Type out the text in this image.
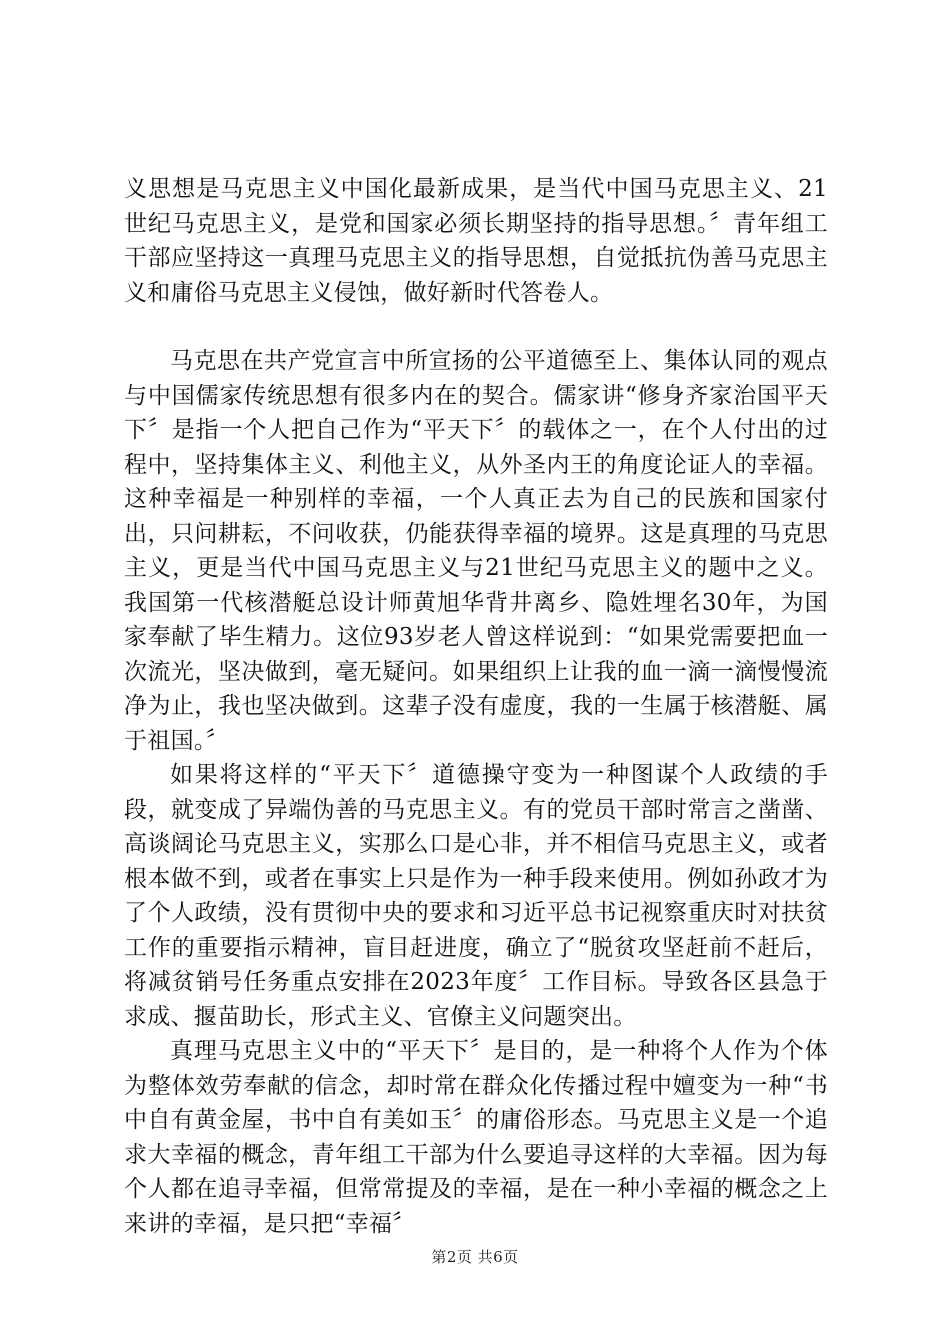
义思想是马克思主义中国化最新成果，是当代中国马克思主义、21世纪马克思主义，是党和国家必须长期坚持的指导思想。〞青年组工干部应坚持这一真理马克思主义的指导思想，自觉抵抗伪善马克思主义和庸俗马克思主义侵蚀，做好新时代答卷人。

马克思在共产党宣言中所宣扬的公平道德至上、集体认同的观点与中国儒家传统思想有很多内在的契合。儒家讲“修身齐家治国平天下〞是指一个人把自己作为“平天下〞的载体之一，在个人付出的过程中，坚持集体主义、利他主义，从外圣内王的角度论证人的幸福。这种幸福是一种别样的幸福，一个人真正去为自己的民族和国家付出，只问耕耘，不问收获，仍能获得幸福的境界。这是真理的马克思主义，更是当代中国马克思主义与21世纪马克思主义的题中之义。我国第一代核潜艇总设计师黄旭华背井离乡、隐姓埋名30年，为国家奉献了毕生精力。这位93岁老人曾这样说到：“如果党需要把血一次流光，坚决做到，毫无疑问。如果组织上让我的血一滴一滴慢慢流净为止，我也坚决做到。这辈子没有虚度，我的一生属于核潜艇、属于祖国。〞

如果将这样的“平天下〞道德操守变为一种图谋个人政绩的手段，就变成了异端伪善的马克思主义。有的党员干部时常言之凿凿、高谈阔论马克思主义，实那么口是心非，并不相信马克思主义，或者根本做不到，或者在事实上只是作为一种手段来使用。例如孙政才为了个人政绩，没有贯彻中央的要求和习近平总书记视察重庆时对扶贫工作的重要指示精神，盲目赶进度，确立了“脱贫攻坚赶前不赶后，将减贫销号任务重点安排在2023年度〞工作目标。导致各区县急于求成、揠苗助长，形式主义、官僚主义问题突出。

真理马克思主义中的“平天下〞是目的，是一种将个人作为个体为整体效劳奉献的信念，却时常在群众化传播过程中嬗变为一种“书中自有黄金屋，书中自有美如玉〞的庸俗形态。马克思主义是一个追求大幸福的概念，青年组工干部为什么要追寻这样的大幸福。因为每个人都在追寻幸福，但常常提及的幸福，是在一种小幸福的概念之上来讲的幸福，是只把“幸福〞

第2页 共6页
